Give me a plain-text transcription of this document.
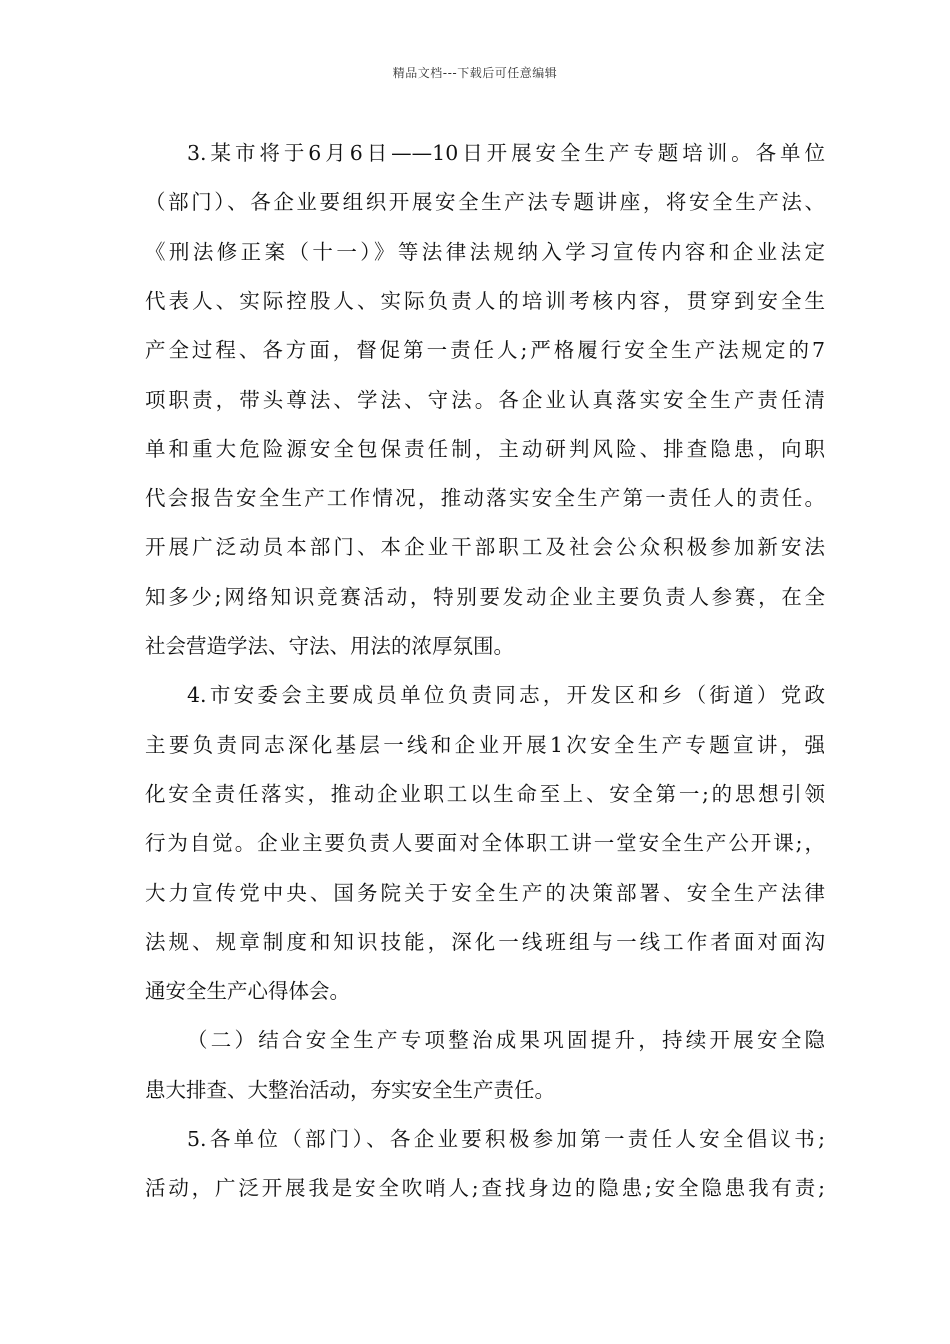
精品文档---下载后可任意编辑
3.某市将于6月6日——10日开展安全生产专题培训。各单位
（部门）、各企业要组织开展安全生产法专题讲座，将安全生产法、
《刑法修正案（十一）》等法律法规纳入学习宣传内容和企业法定
代表人、实际控股人、实际负责人的培训考核内容，贯穿到安全生
产全过程、各方面，督促第一责任人;严格履行安全生产法规定的7
项职责，带头尊法、学法、守法。各企业认真落实安全生产责任清
单和重大危险源安全包保责任制，主动研判风险、排查隐患，向职
代会报告安全生产工作情况，推动落实安全生产第一责任人的责任。
开展广泛动员本部门、本企业干部职工及社会公众积极参加新安法
知多少;网络知识竞赛活动，特别要发动企业主要负责人参赛，在全
社会营造学法、守法、用法的浓厚氛围。
4.市安委会主要成员单位负责同志，开发区和乡（街道）党政
主要负责同志深化基层一线和企业开展1次安全生产专题宣讲，强
化安全责任落实，推动企业职工以生命至上、安全第一;的思想引领
行为自觉。企业主要负责人要面对全体职工讲一堂安全生产公开课;，
大力宣传党中央、国务院关于安全生产的决策部署、安全生产法律
法规、规章制度和知识技能，深化一线班组与一线工作者面对面沟
通安全生产心得体会。
（二）结合安全生产专项整治成果巩固提升，持续开展安全隐
患大排查、大整治活动，夯实安全生产责任。
5.各单位（部门）、各企业要积极参加第一责任人安全倡议书;
活动，广泛开展我是安全吹哨人;查找身边的隐患;安全隐患我有责;
